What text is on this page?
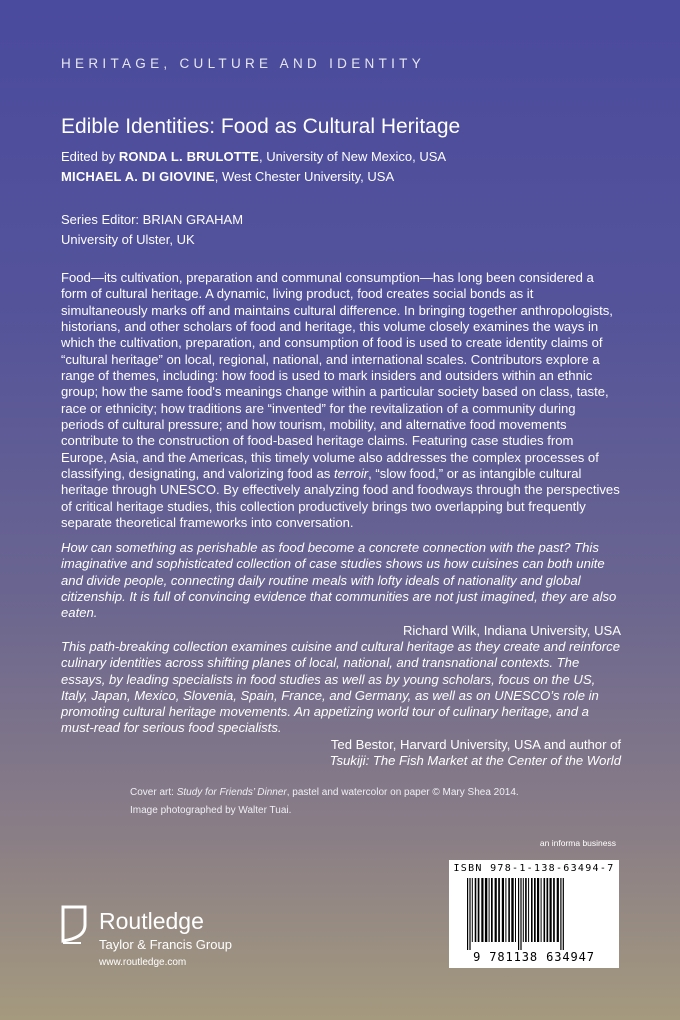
HERITAGE, CULTURE AND IDENTITY
Edible Identities: Food as Cultural Heritage
Edited by RONDA L. BRULOTTE, University of New Mexico, USA
MICHAEL A. DI GIOVINE, West Chester University, USA
Series Editor: BRIAN GRAHAM
University of Ulster, UK

Food—its cultivation, preparation and communal consumption—has long been considered a form of cultural heritage. A dynamic, living product, food creates social bonds as it simultaneously marks off and maintains cultural difference. In bringing together anthropologists, historians, and other scholars of food and heritage, this volume closely examines the ways in which the cultivation, preparation, and consumption of food is used to create identity claims of “cultural heritage” on local, regional, national, and international scales. Contributors explore a range of themes, including: how food is used to mark insiders and outsiders within an ethnic group; how the same food's meanings change within a particular society based on class, taste, race or ethnicity; how traditions are “invented” for the revitalization of a community during periods of cultural pressure; and how tourism, mobility, and alternative food movements contribute to the construction of food-based heritage claims. Featuring case studies from Europe, Asia, and the Americas, this timely volume also addresses the complex processes of classifying, designating, and valorizing food as terroir, “slow food,” or as intangible cultural heritage through UNESCO. By effectively analyzing food and foodways through the perspectives of critical heritage studies, this collection productively brings two overlapping but frequently separate theoretical frameworks into conversation.

How can something as perishable as food become a concrete connection with the past? This imaginative and sophisticated collection of case studies shows us how cuisines can both unite and divide people, connecting daily routine meals with lofty ideals of nationality and global citizenship. It is full of convincing evidence that communities are not just imagined, they are also eaten.

Richard Wilk, Indiana University, USA

This path-breaking collection examines cuisine and cultural heritage as they create and reinforce culinary identities across shifting planes of local, national, and transnational contexts. The essays, by leading specialists in food studies as well as by young scholars, focus on the US, Italy, Japan, Mexico, Slovenia, Spain, France, and Germany, as well as on UNESCO’s role in promoting cultural heritage movements. An appetizing world tour of culinary heritage, and a must-read for serious food specialists.

Ted Bestor, Harvard University, USA and author of
Tsukiji: The Fish Market at the Center of the World
Cover art: Study for Friends’ Dinner, pastel and watercolor on paper © Mary Shea 2014.
Image photographed by Walter Tuai.
an informa business
ISBN 978-1-138-63494-7
9 781138 634947
Routledge
Taylor & Francis Group
www.routledge.com
